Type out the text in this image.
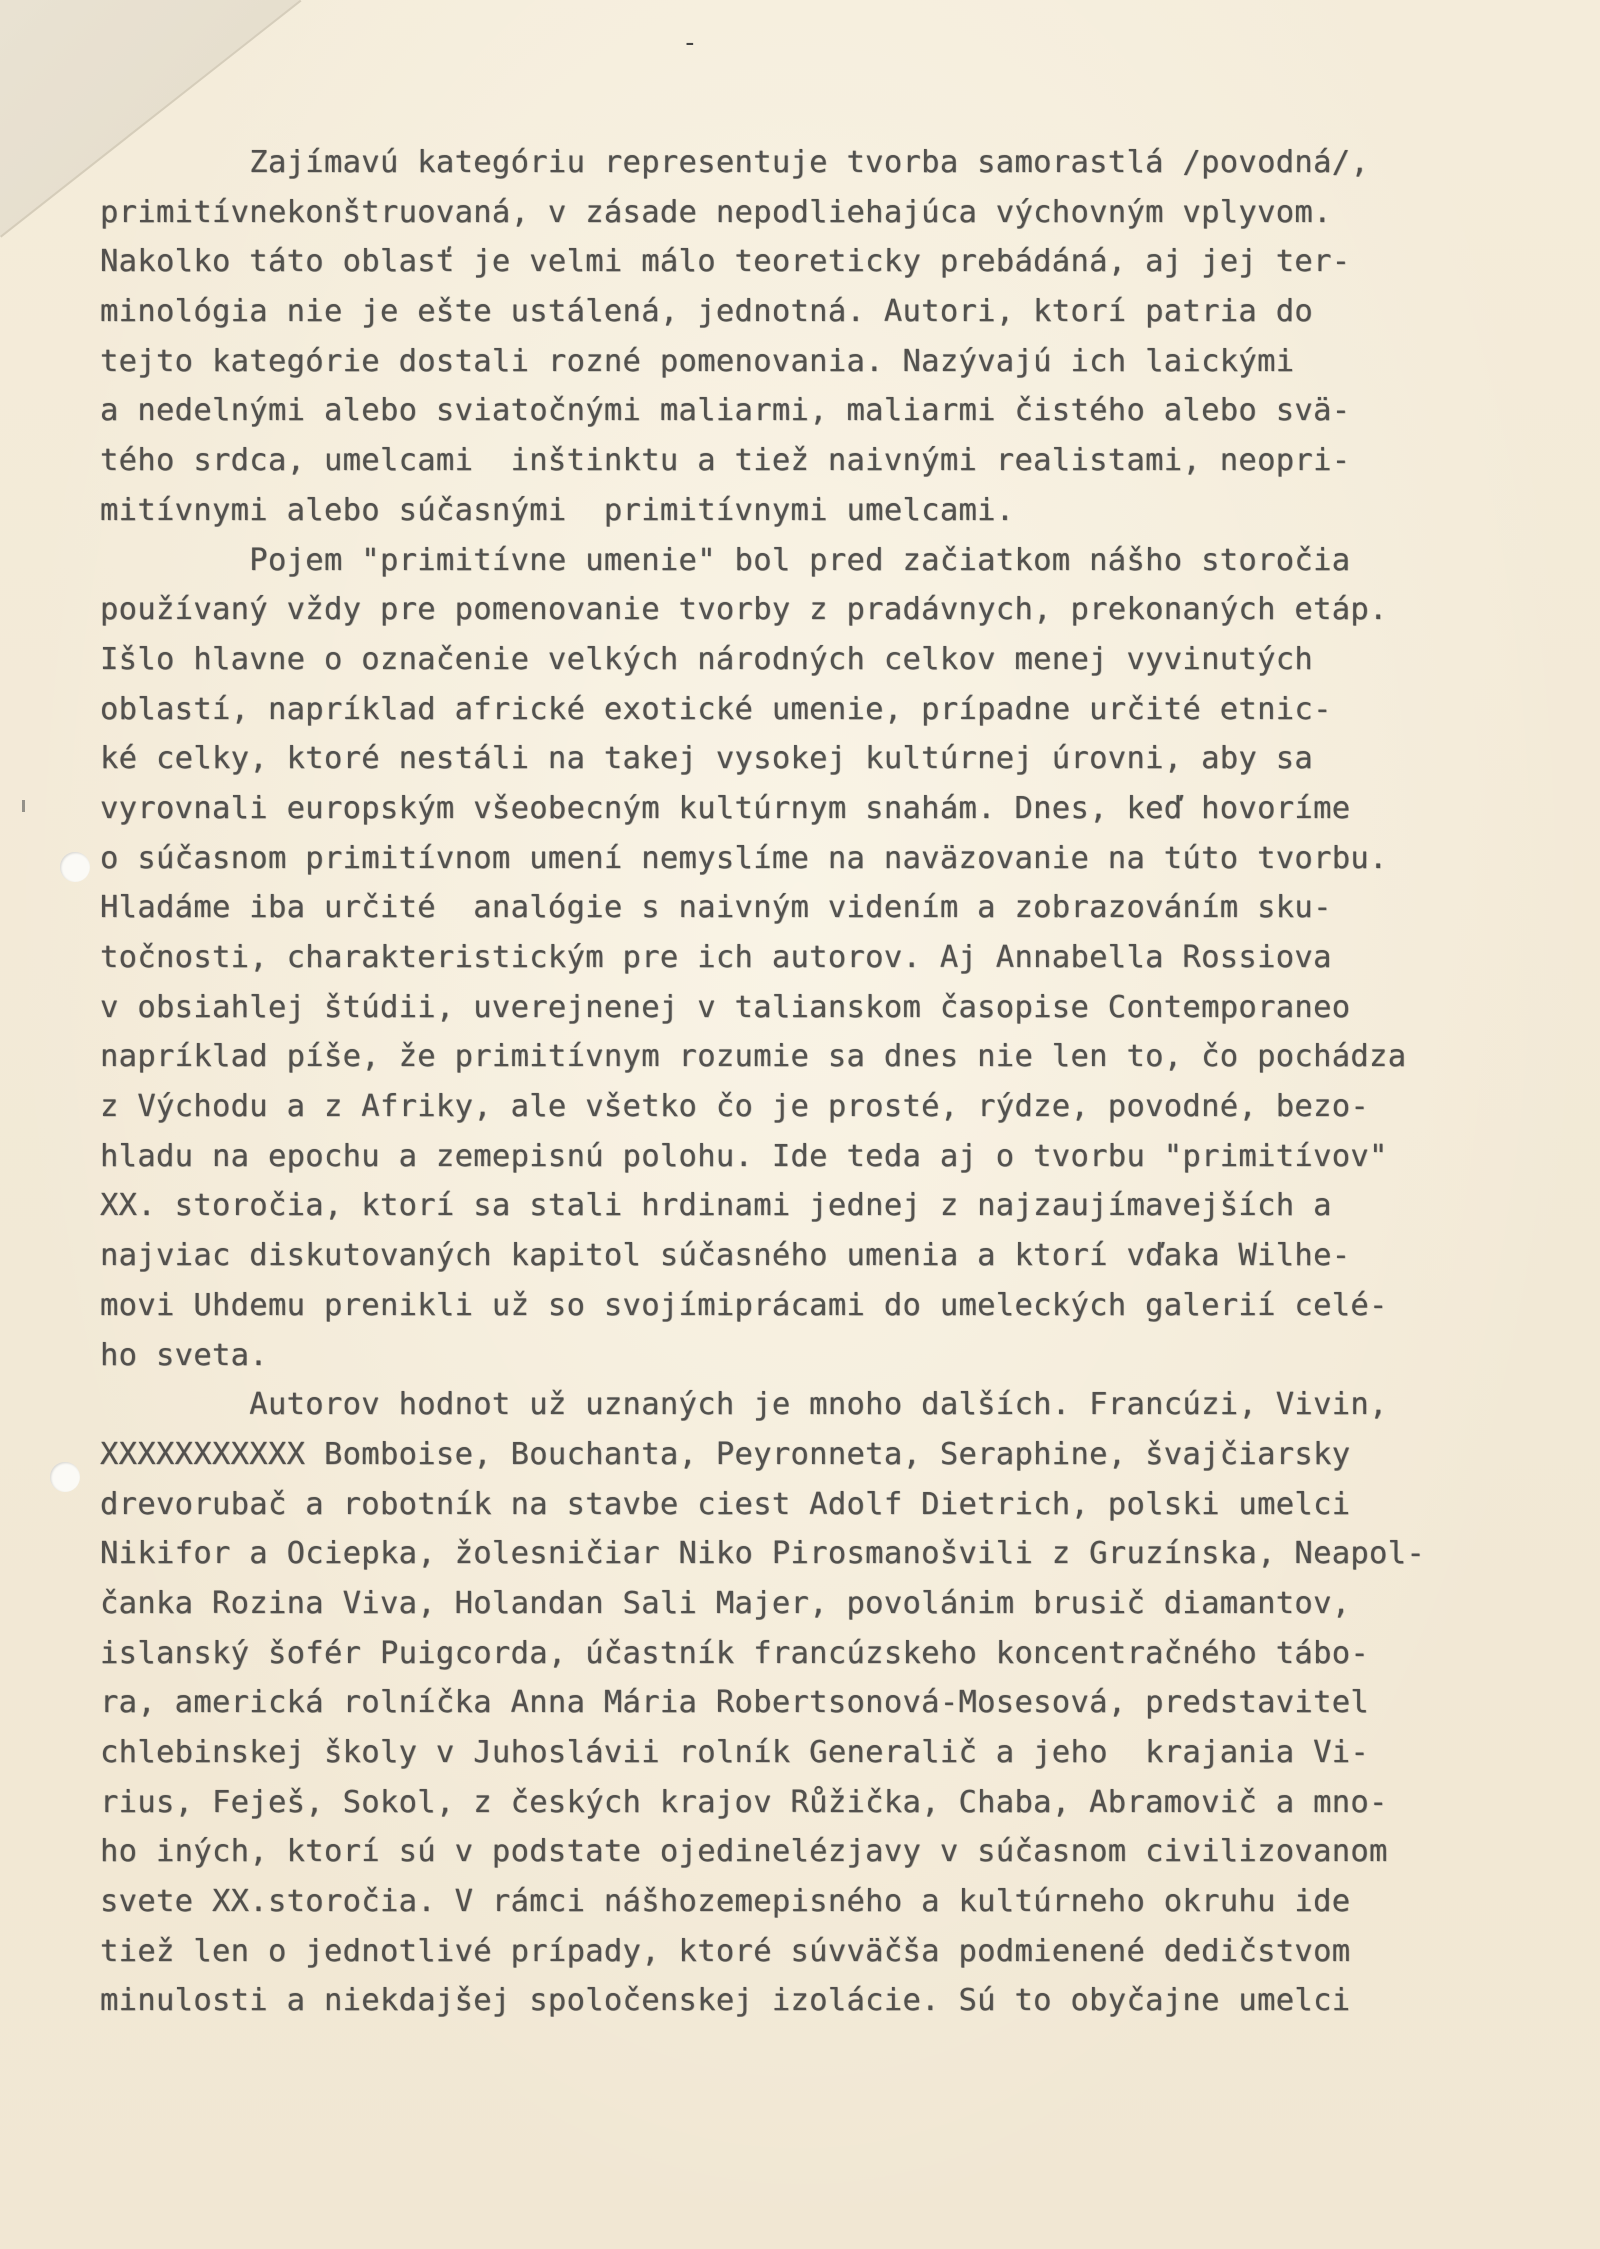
-
Zajímavú kategóriu representuje tvorba samorastlá /povodná/,
primitívnekonštruovaná, v zásade nepodliehajúca výchovným vplyvom.
Nakolko táto oblasť je velmi málo teoreticky prebádáná, aj jej ter-
minológia nie je ešte ustálená, jednotná. Autori, ktorí patria do
tejto kategórie dostali rozné pomenovania. Nazývajú ich laickými
a nedelnými alebo sviatočnými maliarmi, maliarmi čistého alebo svä-
tého srdca, umelcami  inštinktu a tiež naivnými realistami, neopri-
mitívnymi alebo súčasnými  primitívnymi umelcami.
Pojem "primitívne umenie" bol pred začiatkom nášho storočia
používaný vždy pre pomenovanie tvorby z pradávnych, prekonaných etáp.
Išlo hlavne o označenie velkých národných celkov menej vyvinutých
oblastí, napríklad africké exotické umenie, prípadne určité etnic-
ké celky, ktoré nestáli na takej vysokej kultúrnej úrovni, aby sa
vyrovnali europským všeobecným kultúrnym snahám. Dnes, keď hovoríme
o súčasnom primitívnom umení nemyslíme na naväzovanie na túto tvorbu.
Hladáme iba určité  analógie s naivným videním a zobrazováním sku-
točnosti, charakteristickým pre ich autorov. Aj Annabella Rossiova
v obsiahlej štúdii, uverejnenej v talianskom časopise Contemporaneo
napríklad píše, že primitívnym rozumie sa dnes nie len to, čo pochádza
z Východu a z Afriky, ale všetko čo je prosté, rýdze, povodné, bezo-
hladu na epochu a zemepisnú polohu. Ide teda aj o tvorbu "primitívov"
XX. storočia, ktorí sa stali hrdinami jednej z najzaujímavejších a
najviac diskutovaných kapitol súčasného umenia a ktorí vďaka Wilhe-
movi Uhdemu prenikli už so svojímiprácami do umeleckých galerií celé-
ho sveta.
Autorov hodnot už uznaných je mnoho dalších. Francúzi, Vivin,
XXXXXXXXXXX Bomboise, Bouchanta, Peyronneta, Seraphine, švajčiarsky
drevorubač a robotník na stavbe ciest Adolf Dietrich, polski umelci
Nikifor a Ociepka, žolesničiar Niko Pirosmanošvili z Gruzínska, Neapol-
čanka Rozina Viva, Holandan Sali Majer, povolánim brusič diamantov,
islanský šofér Puigcorda, účastník francúzskeho koncentračného tábo-
ra, americká rolníčka Anna Mária Robertsonová-Mosesová, predstavitel
chlebinskej školy v Juhoslávii rolník Generalič a jeho  krajania Vi-
rius, Feješ, Sokol, z českých krajov Růžička, Chaba, Abramovič a mno-
ho iných, ktorí sú v podstate ojedinelézjavy v súčasnom civilizovanom
svete XX.storočia. V rámci nášhozemepisného a kultúrneho okruhu ide
tiež len o jednotlivé prípady, ktoré súvväčša podmienené dedičstvom
minulosti a niekdajšej spoločenskej izolácie. Sú to obyčajne umelci
